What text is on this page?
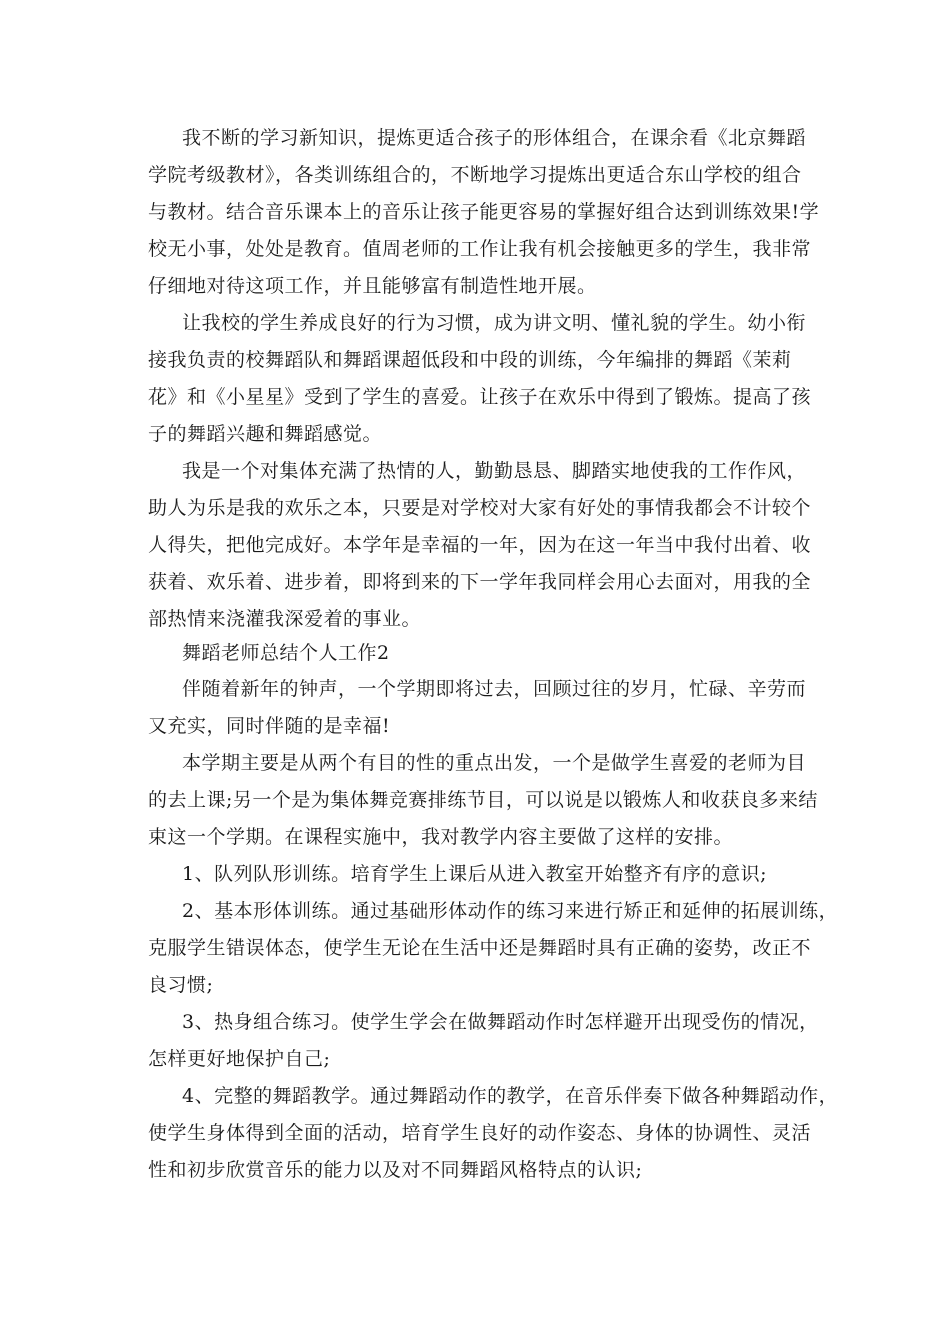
我不断的学习新知识，提炼更适合孩子的形体组合，在课余看《北京舞蹈
学院考级教材》，各类训练组合的，不断地学习提炼出更适合东山学校的组合
与教材。结合音乐课本上的音乐让孩子能更容易的掌握好组合达到训练效果!学
校无小事，处处是教育。值周老师的工作让我有机会接触更多的学生，我非常
仔细地对待这项工作，并且能够富有制造性地开展。
让我校的学生养成良好的行为习惯，成为讲文明、懂礼貌的学生。幼小衔
接我负责的校舞蹈队和舞蹈课超低段和中段的训练，今年编排的舞蹈《茉莉
花》和《小星星》受到了学生的喜爱。让孩子在欢乐中得到了锻炼。提高了孩
子的舞蹈兴趣和舞蹈感觉。
我是一个对集体充满了热情的人，勤勤恳恳、脚踏实地使我的工作作风，
助人为乐是我的欢乐之本，只要是对学校对大家有好处的事情我都会不计较个
人得失，把他完成好。本学年是幸福的一年，因为在这一年当中我付出着、收
获着、欢乐着、进步着，即将到来的下一学年我同样会用心去面对，用我的全
部热情来浇灌我深爱着的事业。
舞蹈老师总结个人工作2
伴随着新年的钟声，一个学期即将过去，回顾过往的岁月，忙碌、辛劳而
又充实，同时伴随的是幸福!
本学期主要是从两个有目的性的重点出发，一个是做学生喜爱的老师为目
的去上课;另一个是为集体舞竞赛排练节目，可以说是以锻炼人和收获良多来结
束这一个学期。在课程实施中，我对教学内容主要做了这样的安排。
1、队列队形训练。培育学生上课后从进入教室开始整齐有序的意识;
2、基本形体训练。通过基础形体动作的练习来进行矫正和延伸的拓展训练，
克服学生错误体态，使学生无论在生活中还是舞蹈时具有正确的姿势，改正不
良习惯;
3、热身组合练习。使学生学会在做舞蹈动作时怎样避开出现受伤的情况，
怎样更好地保护自己;
4、完整的舞蹈教学。通过舞蹈动作的教学，在音乐伴奏下做各种舞蹈动作，
使学生身体得到全面的活动，培育学生良好的动作姿态、身体的协调性、灵活
性和初步欣赏音乐的能力以及对不同舞蹈风格特点的认识;
